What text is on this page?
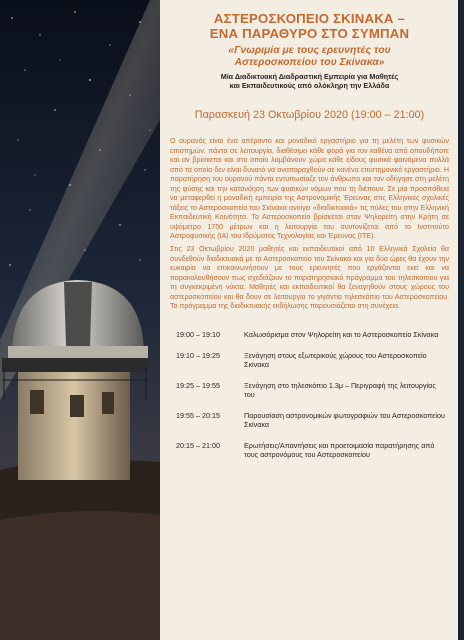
ΑΣΤΕΡΟΣΚΟΠΕΙΟ ΣΚΙΝΑΚΑ –
ΕΝΑ ΠΑΡΑΘΥΡΟ ΣΤΟ ΣΥΜΠΑΝ
«Γνωριμία με τους ερευνητές του
Αστεροσκοπείου του Σκίνακα»
Μία Διαδικτυακή Διαδραστική Εμπειρία για Μαθητές
και Εκπαιδευτικούς από ολόκληρη την Ελλάδα
Παρασκευή 23 Οκτωβρίου 2020 (19:00 – 21:00)

Ο ουρανός είναι ένα απέραντο και μοναδικό εργαστήριο για τη μελέτη των φυσικών επιστημών, πάντα σε λειτουργία, διαθέσιμο κάθε φορά για τον καθένα από οπουδήποτε και αν βρίσκεται και στο οποίο λαμβάνουν χώρα κάθε είδους φυσικά φαινόμενα πολλά από τα οποία δεν είναι δυνατό να αναπαραχθούν σε κανένα επιστημονικό εργαστήριο. Η παρατήρηση του ουρανού πάντα εντυπωσίαζε τον άνθρωπο και τον οδήγησε στη μελέτη της φύσης και την κατανόηση των φυσικών νόμων που τη διέπουν. Σε μία προσπάθεια να μεταφερθεί η μοναδική εμπειρία της Αστρονομικής Έρευνας στις Ελληνικές σχολικές τάξεις το Αστεροσκοπείο του Σκίνακα ανοίγει «διαδικτυακά» τις πύλες του στην Ελληνική Εκπαιδευτική Κοινότητα. Το Αστεροσκοπείο βρίσκεται στον Ψηλορείτη στην Κρήτη σε υψόμετρο 1750 μέτρων και η λειτουργία του συντονίζεται από το Ινστιτούτο Αστροφυσικής (ΙΑ) του Ιδρύματος Τεχνολογίας και Έρευνας (ΙΤΕ).

Στις 23 Οκτωβρίου 2020 μαθητές και εκπαιδευτικοί από 10 Ελληνικά Σχολεία θα συνδεθούν διαδικτυακά με το Αστεροσκοπείο του Σκίνακα και για δύο ώρες θα έχουν την ευκαιρία να επικοινωνήσουν με τους ερευνητές που εργάζονται εκεί και να παρακολουθήσουν πως σχεδιάζουν το παρατηρησιακό πρόγραμμα του τηλεσκοπίου για τη συγκεκριμένη νύκτα. Μαθητές και εκπαιδευτικοί θα ξεναγηθούν στους χώρους του αστεροσκοπείου και θα δουν σε λειτουργία το γιγάντιο τηλεσκόπιο του Αστεροσκοπείου. Το πρόγραμμα της διαδικτυακής εκδήλωσης παρουσιάζεται στη συνέχεια.

19:00 – 19:10	Καλωσόρισμα στον Ψηλορείτη και το Αστεροσκοπείο Σκίνακα
19:10 – 19:25	Ξενάγηση στους εξωτερικούς χώρους του Αστεροσκοπείο Σκίνακα
19:25 – 19:55	Ξενάγηση στο τηλεσκόπιο 1.3μ – Περιγραφή της λειτουργίας του
19:55 – 20:15	Παρουσίαση αστρονομικών φωτογραφιών του Αστεροσκοπείου Σκίνακα
20:15 – 21:00	Ερωτήσεις/Απαντήσεις και προετοιμασία παρατήρησης από τους αστρονόμους του Αστεροσκοπείου
